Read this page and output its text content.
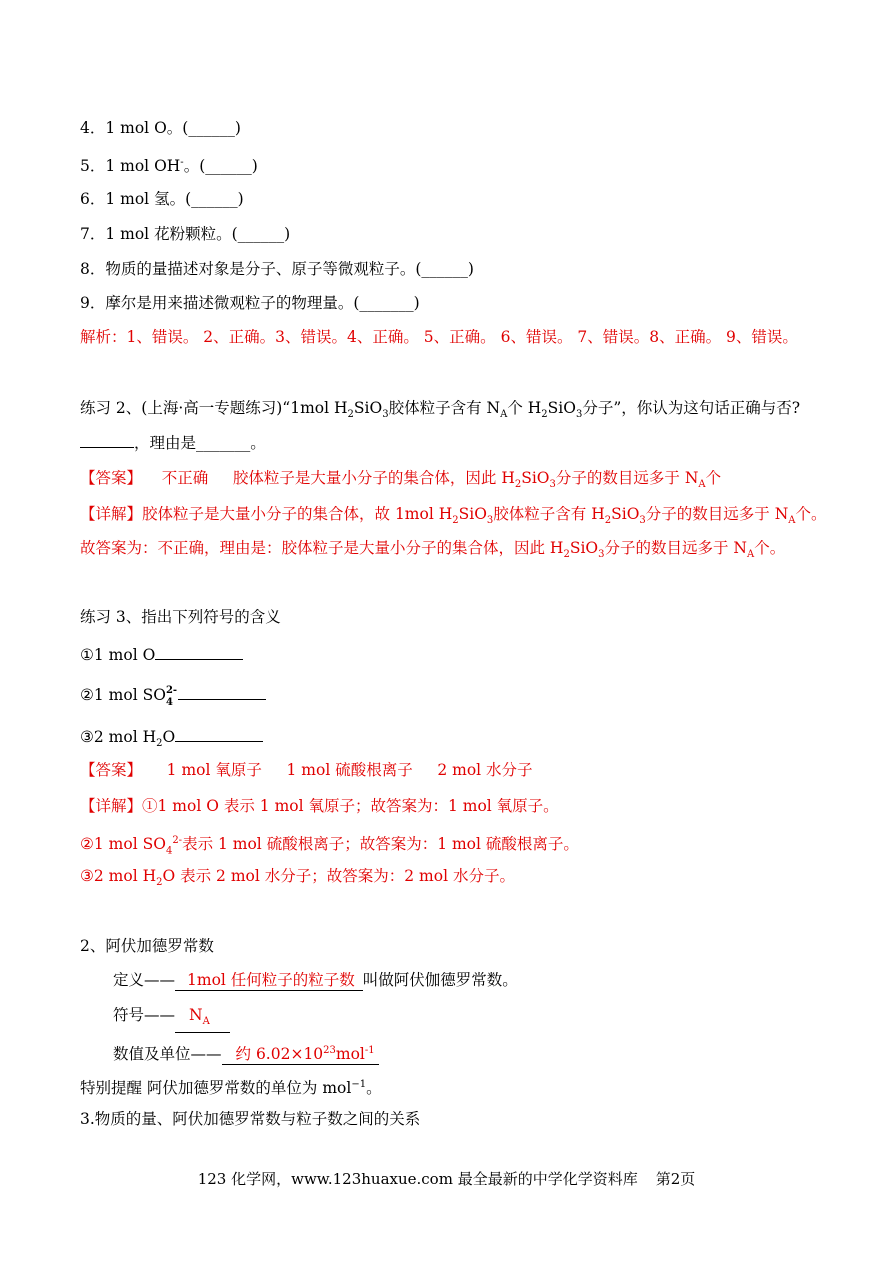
4．1 mol O。(______)
5．1 mol OH-。(______)
6．1 mol 氢。(______)
7．1 mol 花粉颗粒。(______)
8．物质的量描述对象是分子、原子等微观粒子。(______)
9．摩尔是用来描述微观粒子的物理量。(_______)
解析：1、错误。 2、正确。3、错误。4、正确。 5、正确。 6、错误。 7、错误。8、正确。 9、错误。
练习 2、(上海·高一专题练习)“1mol $H_2SiO_3$胶体粒子含有 $N_A$个 $H_2SiO_3$分子”，你认为这句话正确与否?
，理由是_______。
【答案】 不正确 胶体粒子是大量小分子的集合体，因此 $H_2SiO_3$分子的数目远多于 $N_A$个
【详解】胶体粒子是大量小分子的集合体，故 1mol $H_2SiO_3$胶体粒子含有 $H_2SiO_3$分子的数目远多于 $N_A$个。
故答案为：不正确，理由是：胶体粒子是大量小分子的集合体，因此 $H_2SiO_3$分子的数目远多于 $N_A$个。
练习 3、指出下列符号的含义
①1 mol O
②1 mol SO 2-
4
③2 mol $H_2O$
【答案】 1 mol 氧原子 1 mol 硫酸根离子 2 mol 水分子
【详解】①1 mol O 表示 1 mol 氧原子；故答案为：1 mol 氧原子。
②1 mol $SO_4^{2-}$表示 1 mol 硫酸根离子；故答案为：1 mol 硫酸根离子。
③2 mol $H_2O$ 表示 2 mol 水分子；故答案为：2 mol 水分子。
2、阿伏加德罗常数
定义—— 1mol 任何粒子的粒子数 叫做阿伏伽德罗常数。
符号—— $N_A$
数值及单位—— 约 $6.02\times 10^{23}mol^{-1}$
特别提醒 阿伏加德罗常数的单位为 mol$^{-1}$。
3.物质的量、阿伏加德罗常数与粒子数之间的关系
123 化学网，www.123huaxue.com 最全最新的中学化学资料库 第2页
